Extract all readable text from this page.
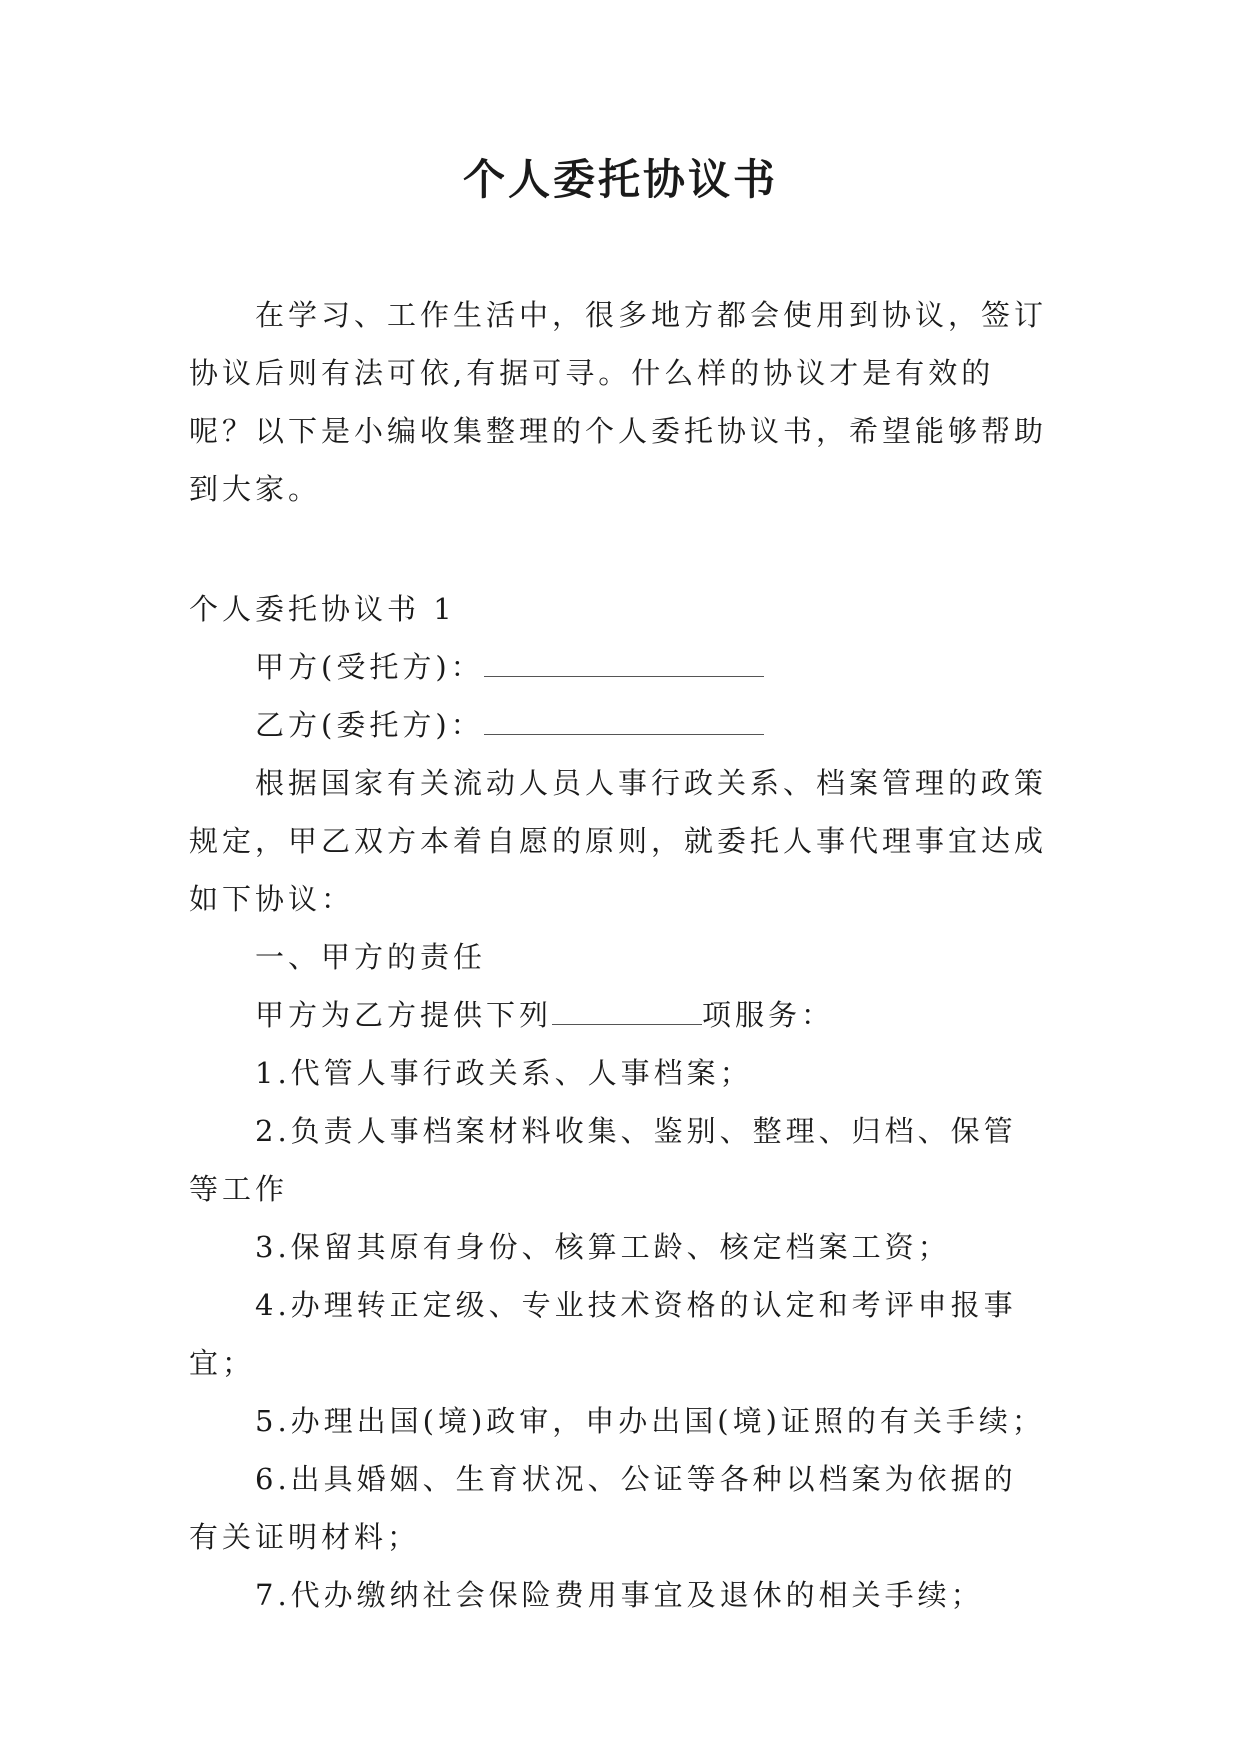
个人委托协议书

在学习、工作生活中，很多地方都会使用到协议，签订协议后则有法可依,有据可寻。什么样的协议才是有效的呢？以下是小编收集整理的个人委托协议书，希望能够帮助到大家。

个人委托协议书 1

甲方(受托方)：

乙方(委托方)：

根据国家有关流动人员人事行政关系、档案管理的政策规定，甲乙双方本着自愿的原则，就委托人事代理事宜达成如下协议：

一、甲方的责任

甲方为乙方提供下列	项服务：

1.代管人事行政关系、人事档案；

2.负责人事档案材料收集、鉴别、整理、归档、保管等工作

3.保留其原有身份、核算工龄、核定档案工资；

4.办理转正定级、专业技术资格的认定和考评申报事宜；

5.办理出国(境)政审，申办出国(境)证照的有关手续；

6.出具婚姻、生育状况、公证等各种以档案为依据的有关证明材料；

7.代办缴纳社会保险费用事宜及退休的相关手续；
